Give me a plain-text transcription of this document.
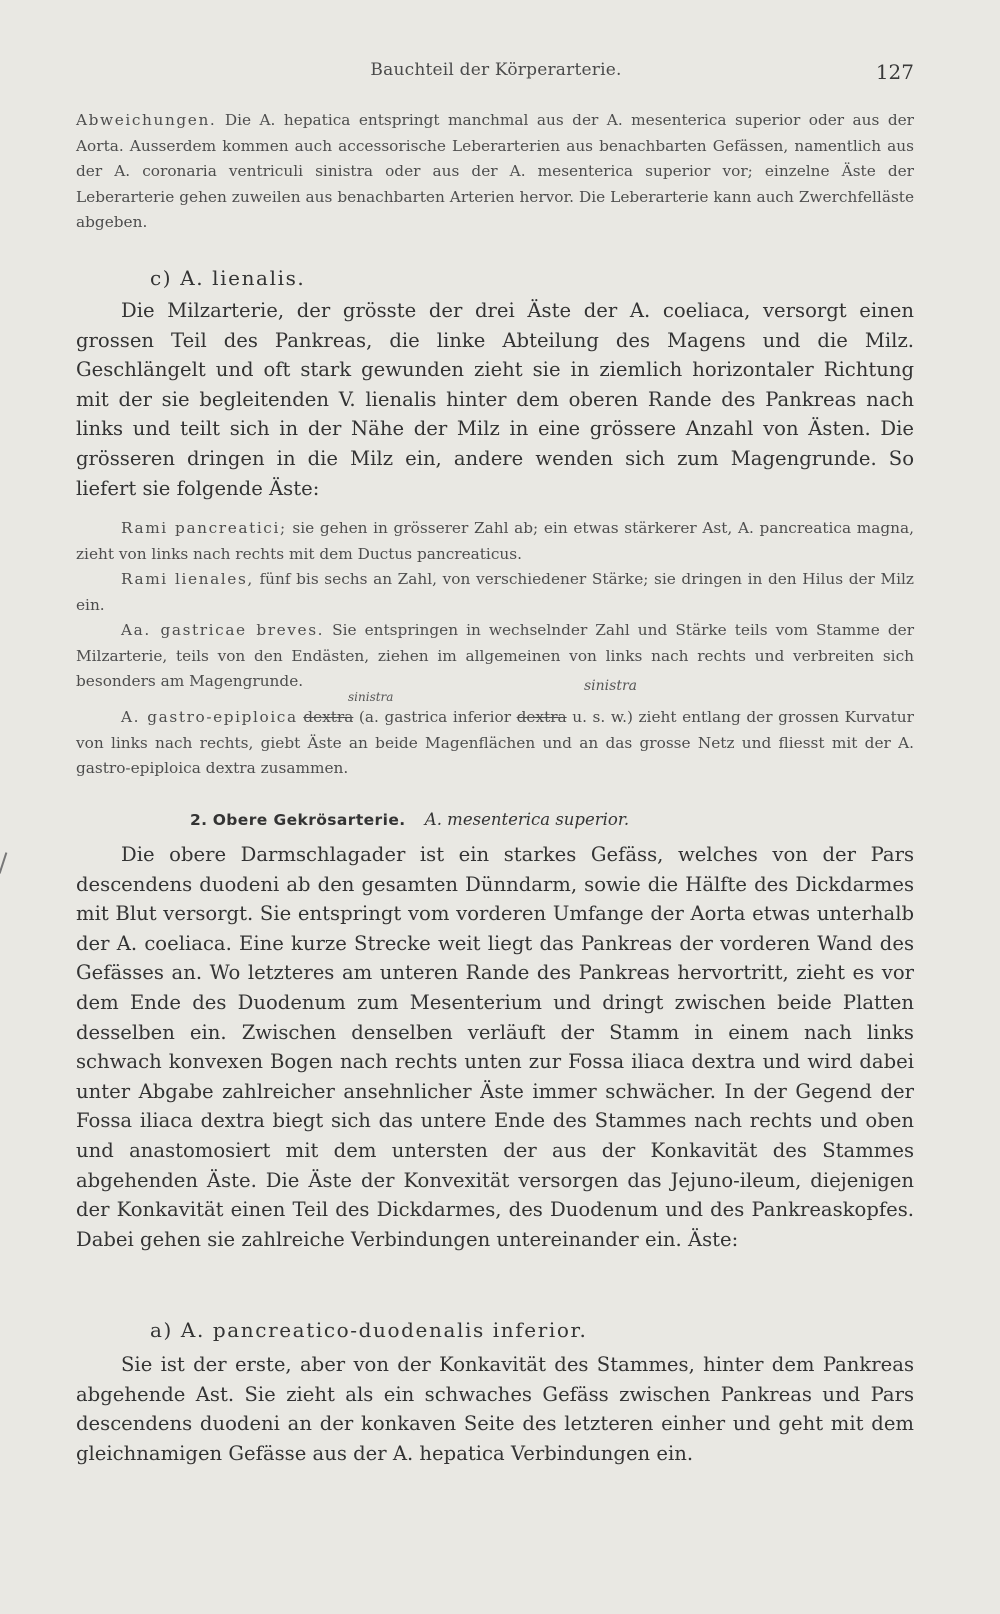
Bauchteil der Körperarterie.	127
Abweichungen. Die A. hepatica entspringt manchmal aus der A. mesenterica superior oder aus der Aorta. Ausserdem kommen auch accessorische Leberarterien aus benachbarten Gefässen, namentlich aus der A. coronaria ventriculi sinistra oder aus der A. mesenterica superior vor; einzelne Äste der Leberarterie gehen zuweilen aus benachbarten Arterien hervor. Die Leberarterie kann auch Zwerchfelläste abgeben.
c) A. lienalis.
Die Milzarterie, der grösste der drei Äste der A. coeliaca, versorgt einen grossen Teil des Pankreas, die linke Abteilung des Magens und die Milz. Geschlängelt und oft stark gewunden zieht sie in ziemlich horizontaler Richtung mit der sie begleitenden V. lienalis hinter dem oberen Rande des Pankreas nach links und teilt sich in der Nähe der Milz in eine grössere Anzahl von Ästen. Die grösseren dringen in die Milz ein, andere wenden sich zum Magengrunde. So liefert sie folgende Äste:
Rami pancreatici; sie gehen in grösserer Zahl ab; ein etwas stärkerer Ast, A. pancreatica magna, zieht von links nach rechts mit dem Ductus pancreaticus.
Rami lienales, fünf bis sechs an Zahl, von verschiedener Stärke; sie dringen in den Hilus der Milz ein.
Aa. gastricae breves. Sie entspringen in wechselnder Zahl und Stärke teils vom Stamme der Milzarterie, teils von den Endästen, ziehen im allgemeinen von links nach rechts und verbreiten sich besonders am Magengrunde.	sinistra
sinistra
A. gastro-epiploica dextra (a. gastrica inferior dextra u. s. w.) zieht entlang der grossen Kurvatur von links nach rechts, giebt Äste an beide Magenflächen und an das grosse Netz und fliesst mit der A. gastro-epiploica dextra zusammen.
2. Obere Gekrösarterie. A. mesenterica superior.
Die obere Darmschlagader ist ein starkes Gefäss, welches von der Pars descendens duodeni ab den gesamten Dünndarm, sowie die Hälfte des Dickdarmes mit Blut versorgt. Sie entspringt vom vorderen Umfange der Aorta etwas unterhalb der A. coeliaca. Eine kurze Strecke weit liegt das Pankreas der vorderen Wand des Gefässes an. Wo letzteres am unteren Rande des Pankreas hervortritt, zieht es vor dem Ende des Duodenum zum Mesenterium und dringt zwischen beide Platten desselben ein. Zwischen denselben verläuft der Stamm in einem nach links schwach konvexen Bogen nach rechts unten zur Fossa iliaca dextra und wird dabei unter Abgabe zahlreicher ansehnlicher Äste immer schwächer. In der Gegend der Fossa iliaca dextra biegt sich das untere Ende des Stammes nach rechts und oben und anastomosiert mit dem untersten der aus der Konkavität des Stammes abgehenden Äste. Die Äste der Konvexität versorgen das Jejuno-ileum, diejenigen der Konkavität einen Teil des Dickdarmes, des Duodenum und des Pankreaskopfes. Dabei gehen sie zahlreiche Verbindungen untereinander ein. Äste:
a) A. pancreatico-duodenalis inferior.
Sie ist der erste, aber von der Konkavität des Stammes, hinter dem Pankreas abgehende Ast. Sie zieht als ein schwaches Gefäss zwischen Pankreas und Pars descendens duodeni an der konkaven Seite des letzteren einher und geht mit dem gleichnamigen Gefässe aus der A. hepatica Verbindungen ein.
